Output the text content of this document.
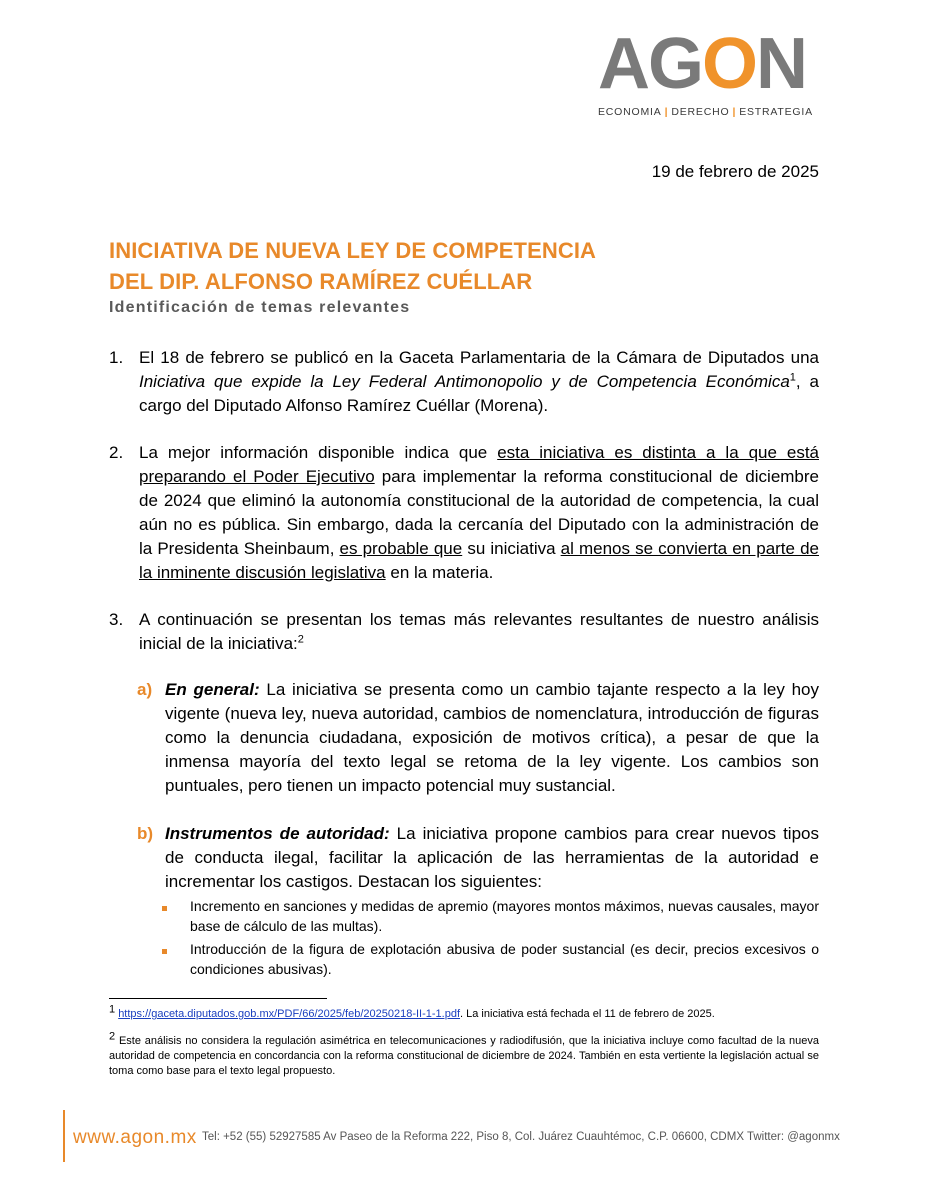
A G O N
ECONOMIA | DERECHO | ESTRATEGIA
19 de febrero de 2025
INICIATIVA DE NUEVA LEY DE COMPETENCIA
DEL DIP. ALFONSO RAMÍREZ CUÉLLAR
Identificación de temas relevantes
1. El 18 de febrero se publicó en la Gaceta Parlamentaria de la Cámara de Diputados una Iniciativa que expide la Ley Federal Antimonopolio y de Competencia Económica$^1$, a cargo del Diputado Alfonso Ramírez Cuéllar (Morena).
2. La mejor información disponible indica que esta iniciativa es distinta a la que está preparando el Poder Ejecutivo para implementar la reforma constitucional de diciembre de 2024 que eliminó la autonomía constitucional de la autoridad de competencia, la cual aún no es pública. Sin embargo, dada la cercanía del Diputado con la administración de la Presidenta Sheinbaum, es probable que su iniciativa al menos se convierta en parte de la inminente discusión legislativa en la materia.
3. A continuación se presentan los temas más relevantes resultantes de nuestro análisis inicial de la iniciativa:$^2$
a) En general: La iniciativa se presenta como un cambio tajante respecto a la ley hoy vigente (nueva ley, nueva autoridad, cambios de nomenclatura, introducción de figuras como la denuncia ciudadana, exposición de motivos crítica), a pesar de que la inmensa mayoría del texto legal se retoma de la ley vigente. Los cambios son puntuales, pero tienen un impacto potencial muy sustancial.
b) Instrumentos de autoridad: La iniciativa propone cambios para crear nuevos tipos de conducta ilegal, facilitar la aplicación de las herramientas de la autoridad e incrementar los castigos. Destacan los siguientes:
Incremento en sanciones y medidas de apremio (mayores montos máximos, nuevas causales, mayor base de cálculo de las multas).
Introducción de la figura de explotación abusiva de poder sustancial (es decir, precios excesivos o condiciones abusivas).
$^1$ https://gaceta.diputados.gob.mx/PDF/66/2025/feb/20250218-II-1-1.pdf. La iniciativa está fechada el 11 de febrero de 2025.
$^2$ Este análisis no considera la regulación asimétrica en telecomunicaciones y radiodifusión, que la iniciativa incluye como facultad de la nueva autoridad de competencia en concordancia con la reforma constitucional de diciembre de 2024. También en esta vertiente la legislación actual se toma como base para el texto legal propuesto.
www.agon.mx Tel: +52 (55) 52927585 Av Paseo de la Reforma 222, Piso 8, Col. Juárez Cuauhtémoc, C.P. 06600, CDMX Twitter: @agonmx
